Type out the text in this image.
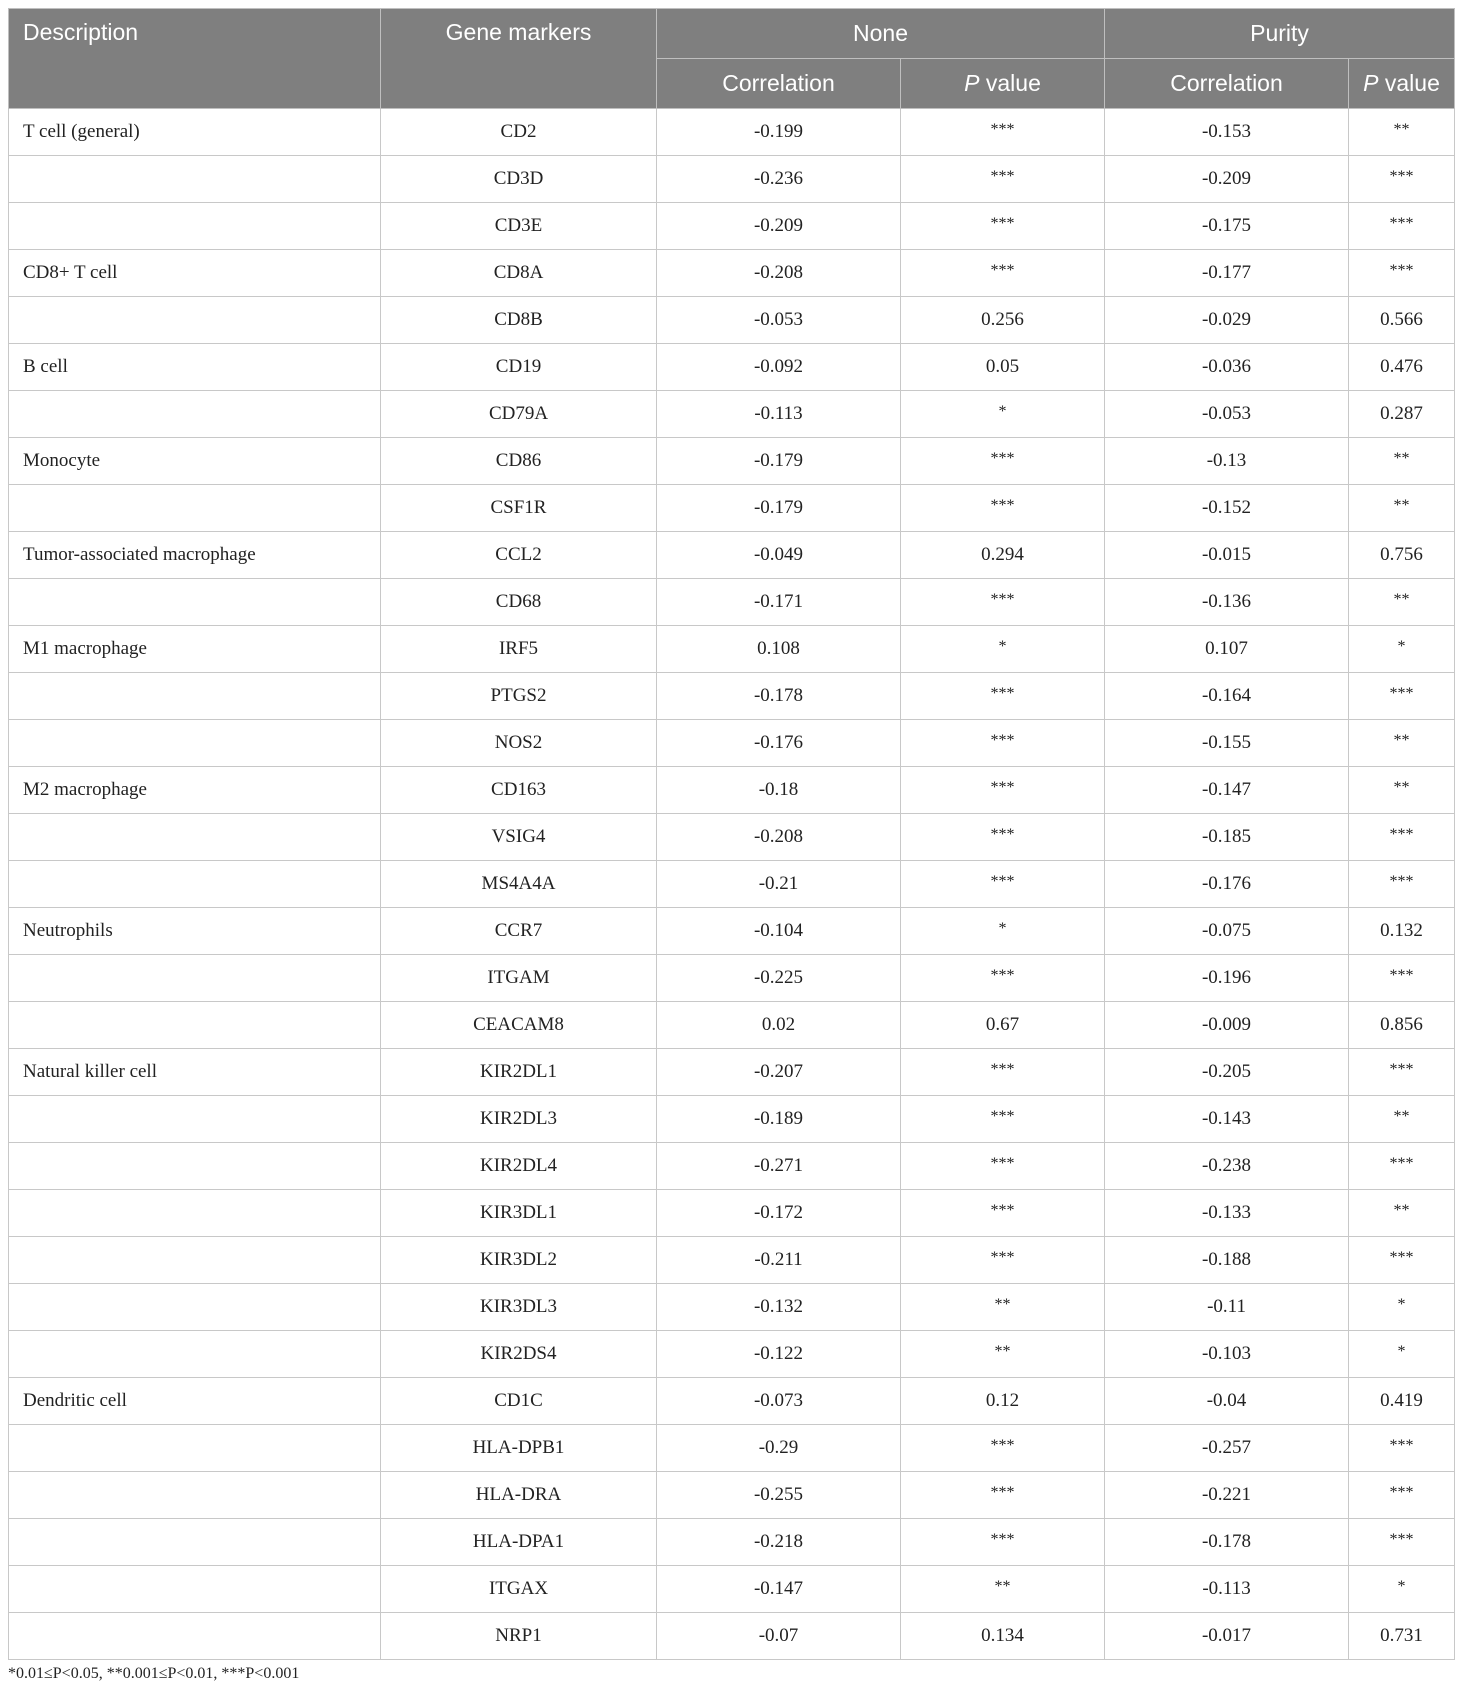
Description	Gene markers	None		Purity	
		Correlation	P value	Correlation	P value
T cell (general)	CD2	-0.199	***	-0.153	**
	CD3D	-0.236	***	-0.209	***
	CD3E	-0.209	***	-0.175	***
CD8+ T cell	CD8A	-0.208	***	-0.177	***
	CD8B	-0.053	0.256	-0.029	0.566
B cell	CD19	-0.092	0.05	-0.036	0.476
	CD79A	-0.113	*	-0.053	0.287
Monocyte	CD86	-0.179	***	-0.13	**
	CSF1R	-0.179	***	-0.152	**
Tumor-associated macrophage	CCL2	-0.049	0.294	-0.015	0.756
	CD68	-0.171	***	-0.136	**
M1 macrophage	IRF5	0.108	*	0.107	*
	PTGS2	-0.178	***	-0.164	***
	NOS2	-0.176	***	-0.155	**
M2 macrophage	CD163	-0.18	***	-0.147	**
	VSIG4	-0.208	***	-0.185	***
	MS4A4A	-0.21	***	-0.176	***
Neutrophils	CCR7	-0.104	*	-0.075	0.132
	ITGAM	-0.225	***	-0.196	***
	CEACAM8	0.02	0.67	-0.009	0.856
Natural killer cell	KIR2DL1	-0.207	***	-0.205	***
	KIR2DL3	-0.189	***	-0.143	**
	KIR2DL4	-0.271	***	-0.238	***
	KIR3DL1	-0.172	***	-0.133	**
	KIR3DL2	-0.211	***	-0.188	***
	KIR3DL3	-0.132	**	-0.11	*
	KIR2DS4	-0.122	**	-0.103	*
Dendritic cell	CD1C	-0.073	0.12	-0.04	0.419
	HLA-DPB1	-0.29	***	-0.257	***
	HLA-DRA	-0.255	***	-0.221	***
	HLA-DPA1	-0.218	***	-0.178	***
	ITGAX	-0.147	**	-0.113	*
	NRP1	-0.07	0.134	-0.017	0.731
*0.01≤P<0.05, **0.001≤P<0.01, ***P<0.001
